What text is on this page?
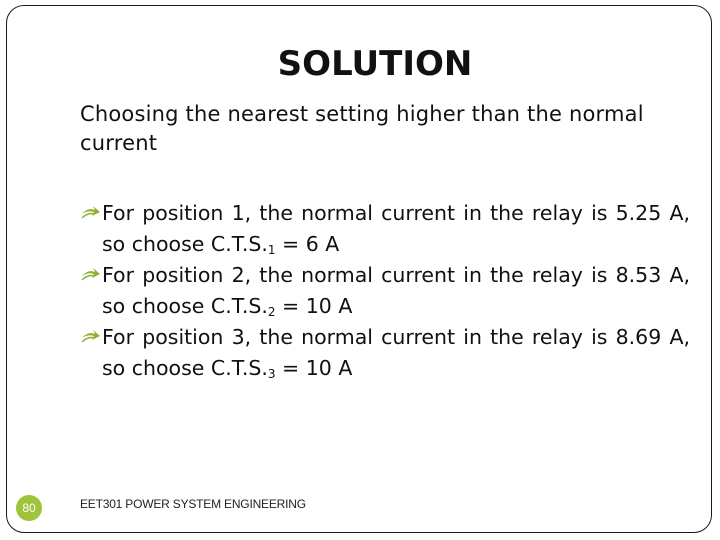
SOLUTION
Choosing the nearest setting higher than the normal current
For position 1, the normal current in the relay is 5.25 A, so choose $C.T.S._1 = 6$ A
For position 2, the normal current in the relay is 8.53 A, so choose $C.T.S._2 = 10$ A
For position 3, the normal current in the relay is 8.69 A, so choose $C.T.S._3 = 10$ A
80	EET301 POWER SYSTEM ENGINEERING
